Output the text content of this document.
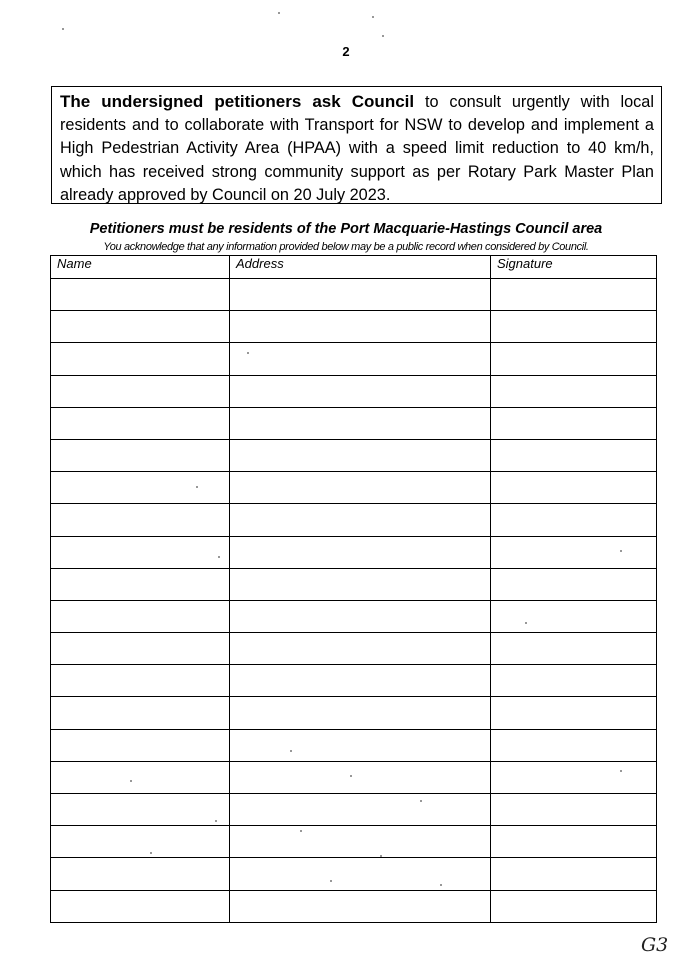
2
The undersigned petitioners ask Council to consult urgently with local residents and to collaborate with Transport for NSW to develop and implement a High Pedestrian Activity Area (HPAA) with a speed limit reduction to 40 km/h, which has received strong community support as per Rotary Park Master Plan already approved by Council on 20 July 2023.
Petitioners must be residents of the Port Macquarie-Hastings Council area
You acknowledge that any information provided below may be a public record when considered by Council.
Name	Address	Signature

G3
